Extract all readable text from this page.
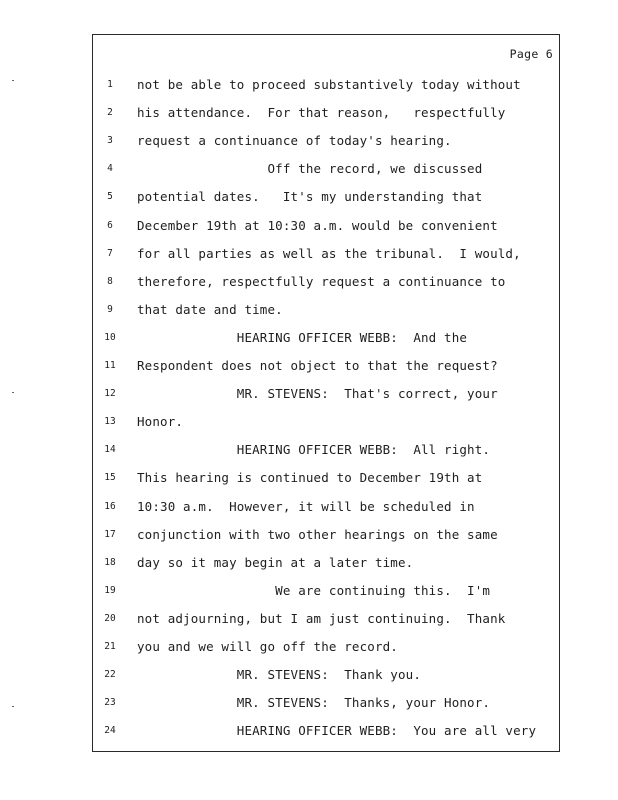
Page 6
1	not be able to proceed substantively today without
2	his attendance.  For that reason,   respectfully
3	request a continuance of today's hearing.
4	Off the record, we discussed
5	potential dates.   It's my understanding that
6	December 19th at 10:30 a.m. would be convenient
7	for all parties as well as the tribunal.  I would,
8	therefore, respectfully request a continuance to
9	that date and time.
10 HEARING OFFICER WEBB:  And the
11 Respondent does not object to that the request?
12 MR. STEVENS:  That's correct, your
13 Honor.
14 HEARING OFFICER WEBB:  All right.
15 This hearing is continued to December 19th at
16 10:30 a.m.  However, it will be scheduled in
17 conjunction with two other hearings on the same
18 day so it may begin at a later time.
19 We are continuing this.  I'm
20 not adjourning, but I am just continuing.  Thank
21 you and we will go off the record.
22 MR. STEVENS:  Thank you.
23 MR. STEVENS:  Thanks, your Honor.
24 HEARING OFFICER WEBB:  You are all very
